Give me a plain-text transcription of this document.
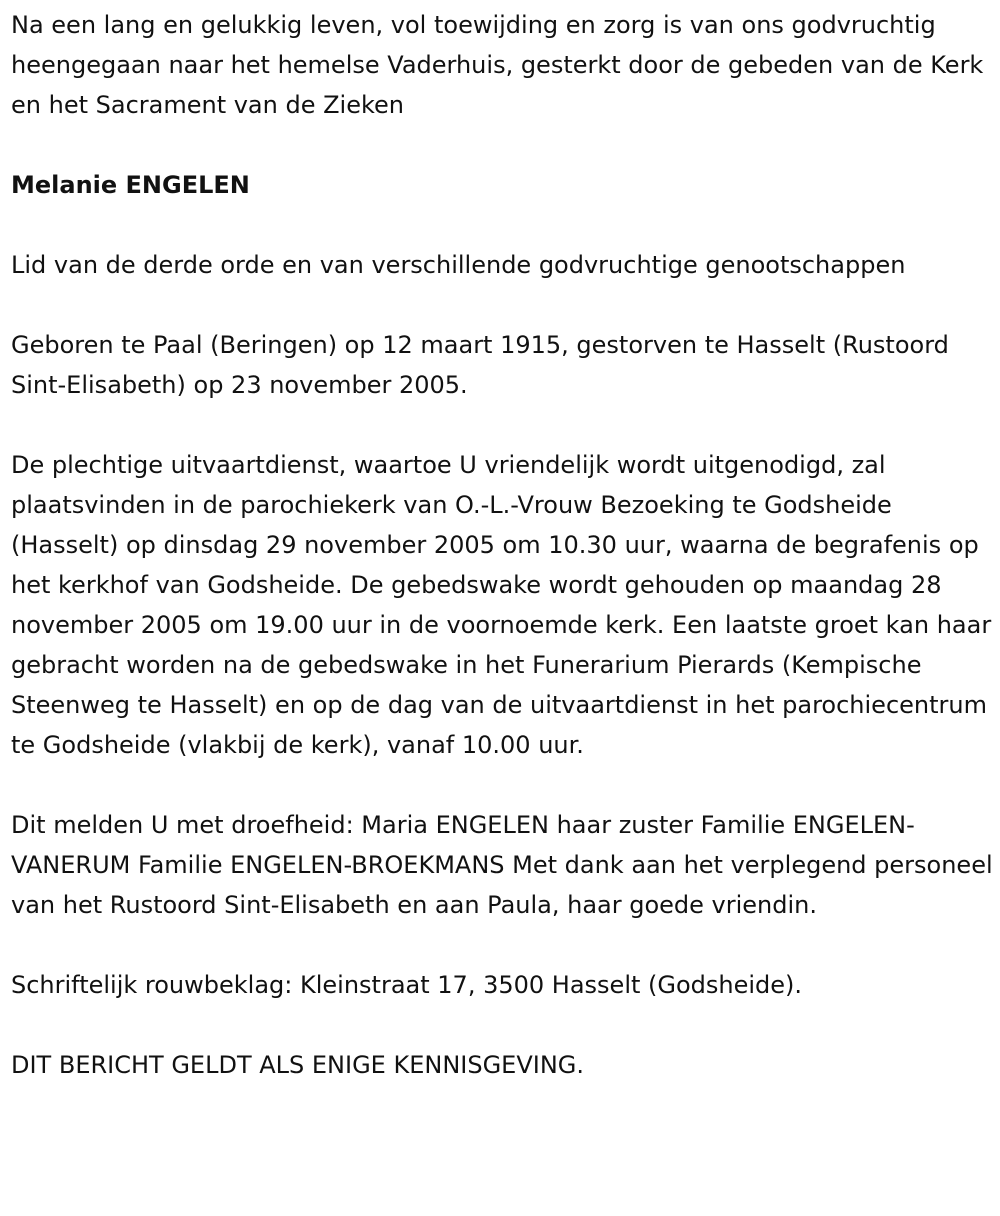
Na een lang en gelukkig leven, vol toewijding en zorg is van ons godvruchtig heengegaan naar het hemelse Vaderhuis, gesterkt door de gebeden van de Kerk en het Sacrament van de Zieken

Melanie ENGELEN

Lid van de derde orde en van verschillende godvruchtige genootschappen

Geboren te Paal (Beringen) op 12 maart 1915, gestorven te Hasselt (Rustoord Sint-Elisabeth) op 23 november 2005.

De plechtige uitvaartdienst, waartoe U vriendelijk wordt uitgenodigd, zal plaatsvinden in de parochiekerk van O.-L.-Vrouw Bezoeking te Godsheide (Hasselt) op dinsdag 29 november 2005 om 10.30 uur, waarna de begrafenis op het kerkhof van Godsheide. De gebedswake wordt gehouden op maandag 28 november 2005 om 19.00 uur in de voornoemde kerk. Een laatste groet kan haar gebracht worden na de gebedswake in het Funerarium Pierards (Kempische Steenweg te Hasselt) en op de dag van de uitvaartdienst in het parochiecentrum te Godsheide (vlakbij de kerk), vanaf 10.00 uur.

Dit melden U met droefheid: Maria ENGELEN haar zuster Familie ENGELEN-VANERUM Familie ENGELEN-BROEKMANS Met dank aan het verplegend personeel van het Rustoord Sint-Elisabeth en aan Paula, haar goede vriendin.

Schriftelijk rouwbeklag: Kleinstraat 17, 3500 Hasselt (Godsheide).

DIT BERICHT GELDT ALS ENIGE KENNISGEVING.
